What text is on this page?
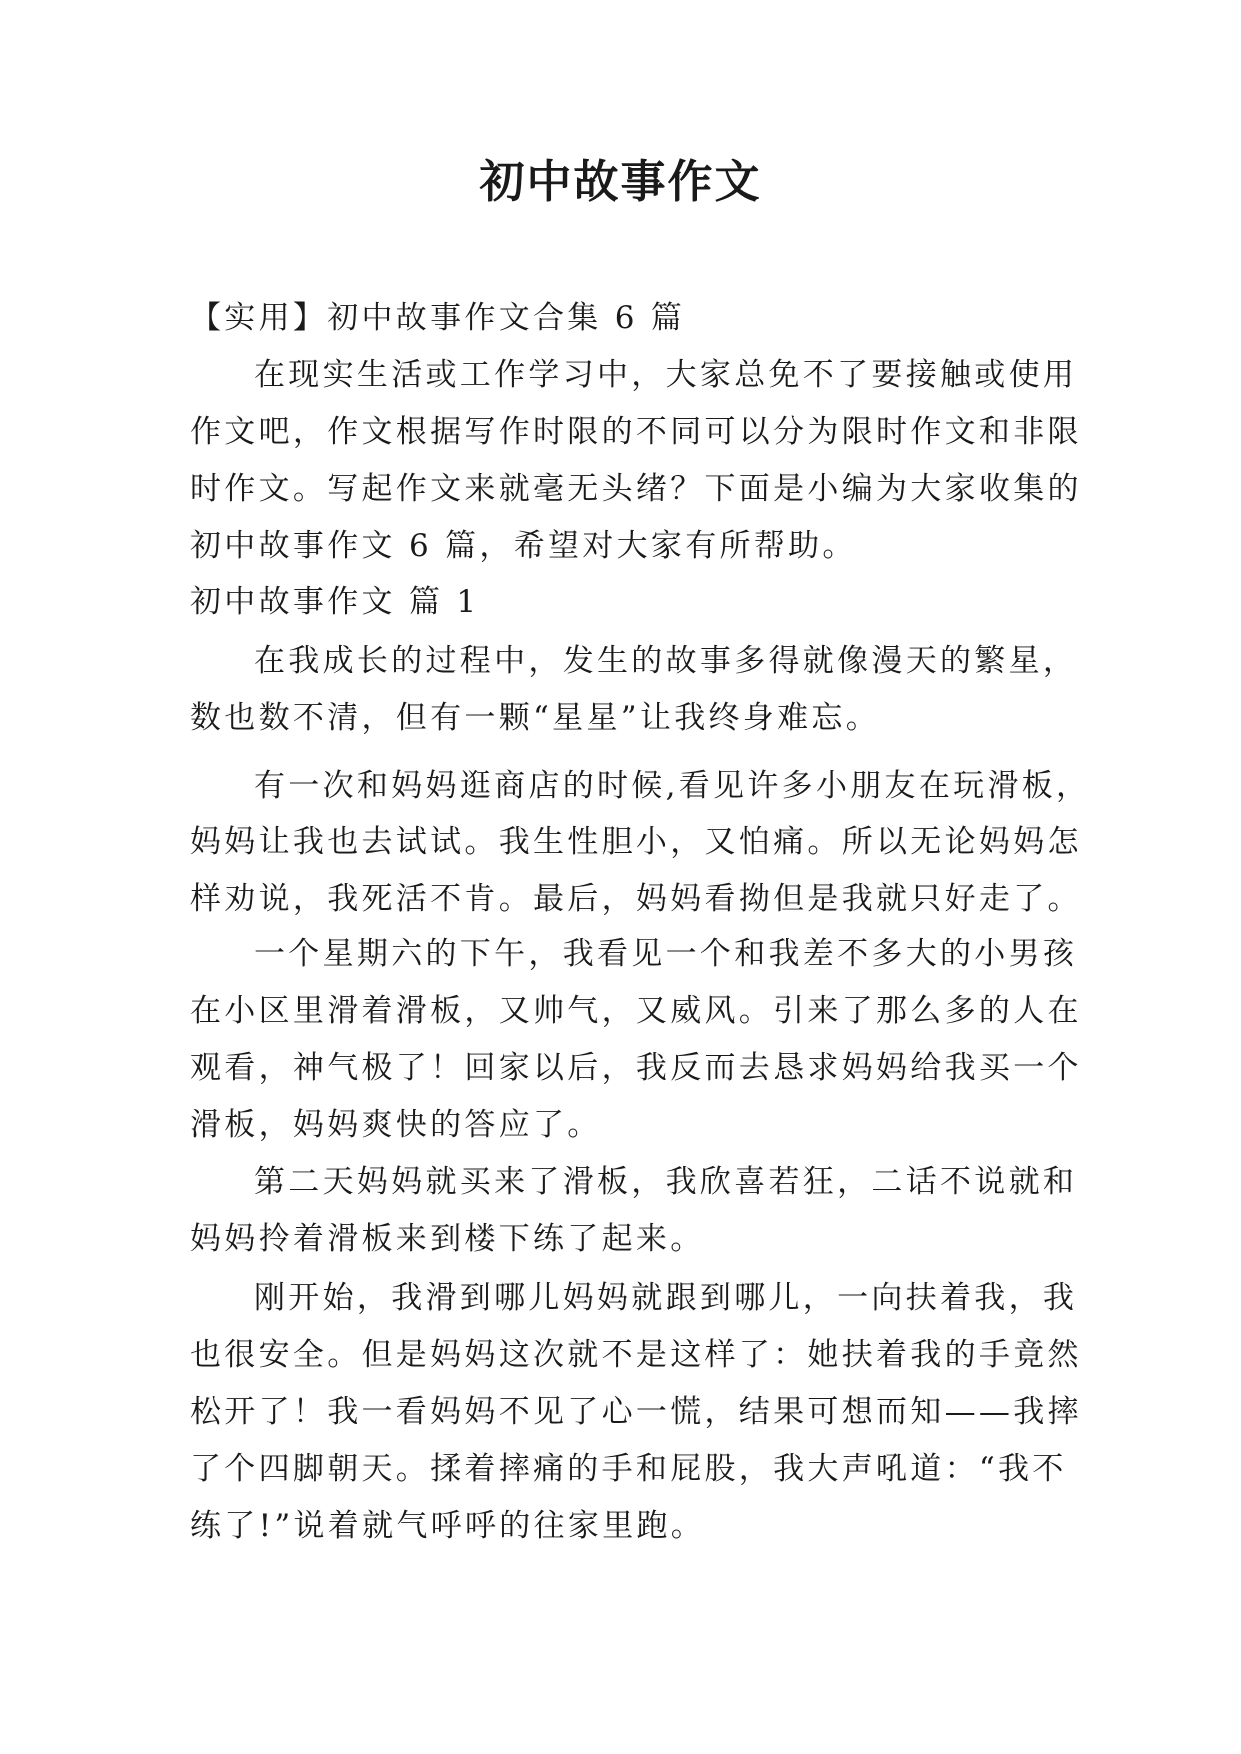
初中故事作文
【实用】初中故事作文合集 6 篇
在现实生活或工作学习中，大家总免不了要接触或使用
作文吧，作文根据写作时限的不同可以分为限时作文和非限
时作文。写起作文来就毫无头绪？下面是小编为大家收集的
初中故事作文 6 篇，希望对大家有所帮助。
初中故事作文 篇 1
在我成长的过程中，发生的故事多得就像漫天的繁星，
数也数不清，但有一颗“星星”让我终身难忘。
有一次和妈妈逛商店的时候,看见许多小朋友在玩滑板，
妈妈让我也去试试。我生性胆小，又怕痛。所以无论妈妈怎
样劝说，我死活不肯。最后，妈妈看拗但是我就只好走了。
一个星期六的下午，我看见一个和我差不多大的小男孩
在小区里滑着滑板，又帅气，又威风。引来了那么多的人在
观看，神气极了！回家以后，我反而去恳求妈妈给我买一个
滑板，妈妈爽快的答应了。
第二天妈妈就买来了滑板，我欣喜若狂，二话不说就和
妈妈拎着滑板来到楼下练了起来。
刚开始，我滑到哪儿妈妈就跟到哪儿，一向扶着我，我
也很安全。但是妈妈这次就不是这样了：她扶着我的手竟然
松开了！我一看妈妈不见了心一慌，结果可想而知——我摔
了个四脚朝天。揉着摔痛的手和屁股，我大声吼道：“我不
练了!”说着就气呼呼的往家里跑。
